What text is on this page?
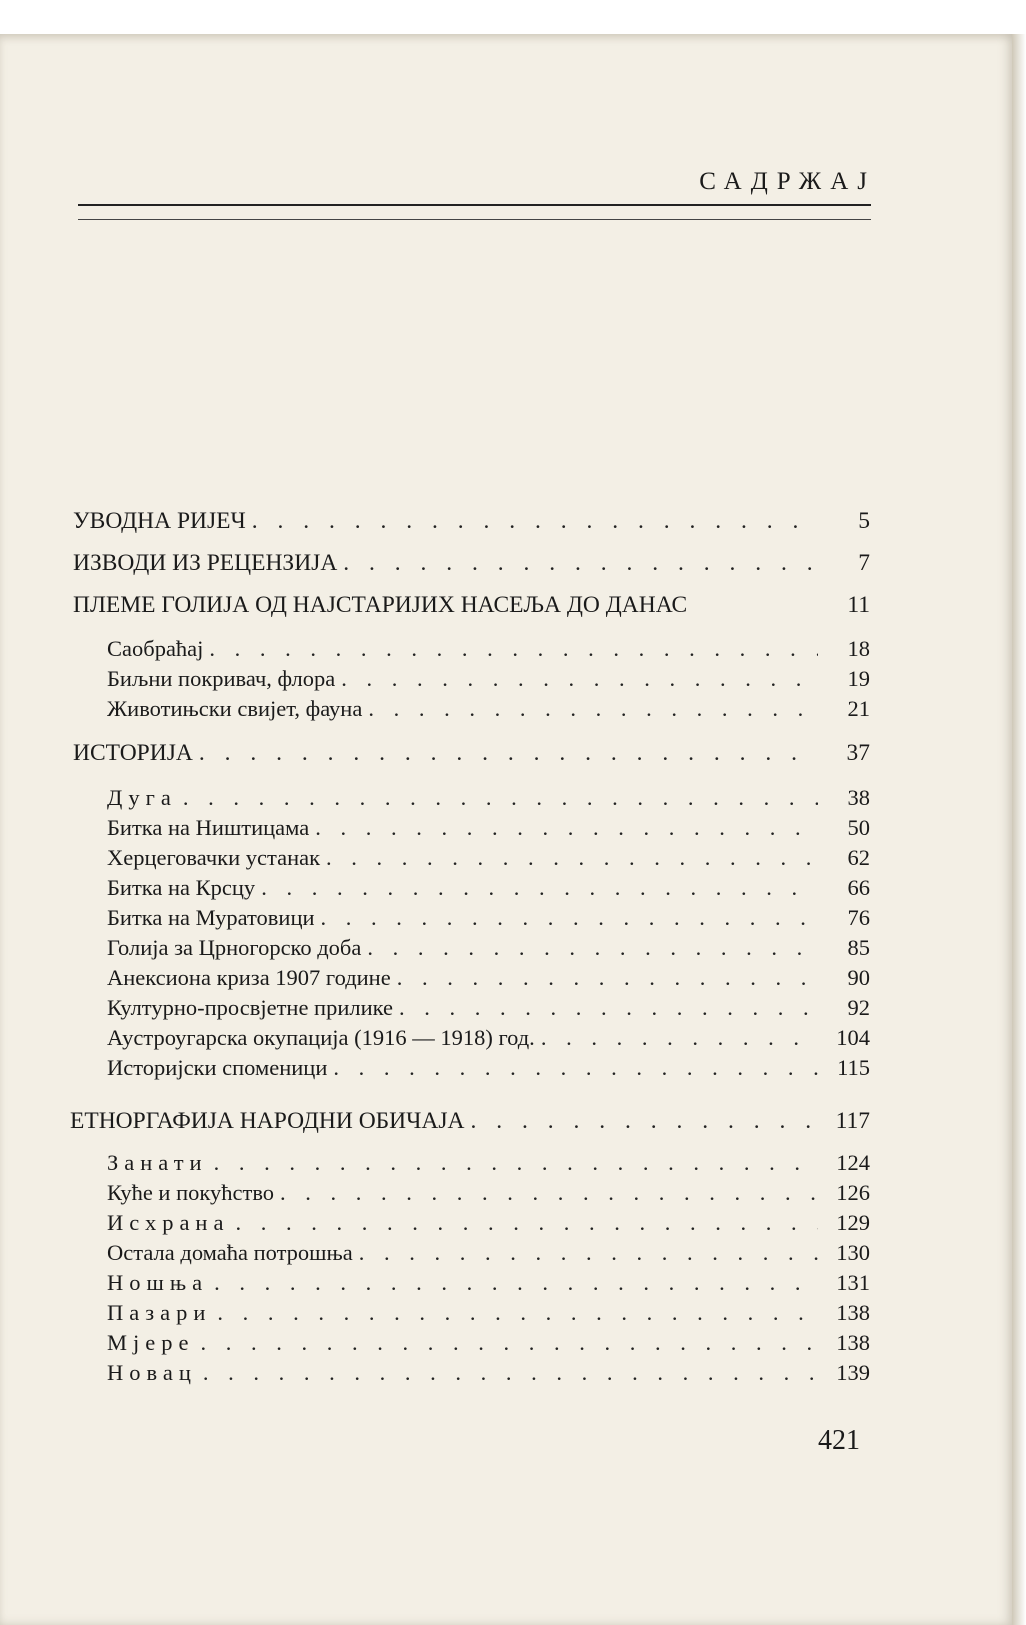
САДРЖАЈ
УВОДНА РИЈЕЧ . . .	5
ИЗВОДИ ИЗ РЕЦЕНЗИЈА . . .	7
ПЛЕМЕ ГОЛИЈА ОД НАЈСТАРИЈИХ НАСЕЉА ДО ДАНАС	11
Саобраћај . . .	18
Биљни покривач, флора . . .	19
Животињски свијет, фауна . . .	21
ИСТОРИЈА . . .	37
Дуга . . .	38
Битка на Ништицама . . .	50
Херцеговачки устанак . . .	62
Битка на Крсцу . . .	66
Битка на Муратовици . . .	76
Голија за Црногорско доба . . .	85
Анексиона криза 1907 године . . .	90
Културно-просвјетне прилике . . .	92
Аустроугарска окупација (1916 — 1918) год. . . .	104
Историјски споменици . . .	115
ЕТНОРГАФИЈА НАРОДНИ ОБИЧАЈА . . .	117
Занати . . .	124
Куће и покућство . . .	126
Исхрана . . .	129
Остала домаћа потрошња . . .	130
Ношња . . .	131
Пазари . . .	138
Мјере . . .	138
Новац . . .	139
421
